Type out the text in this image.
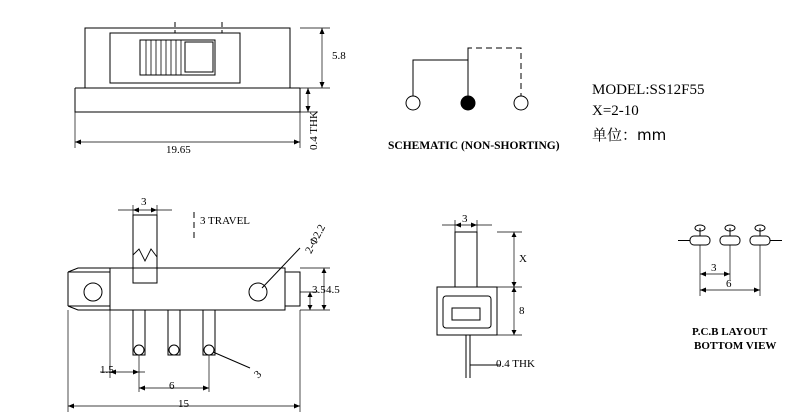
5.8
0.4 THK
19.65	SCHEMATIC (NON-SHORTING)
MODEL:SS12F55
X=2-10
单位：mm
3
3 TRAVEL
2-Φ2.2
3.5 4.5
1.5
6
15
3
3
X
8
0.4 THK
3
6
P.C.B LAYOUT
BOTTOM VIEW
